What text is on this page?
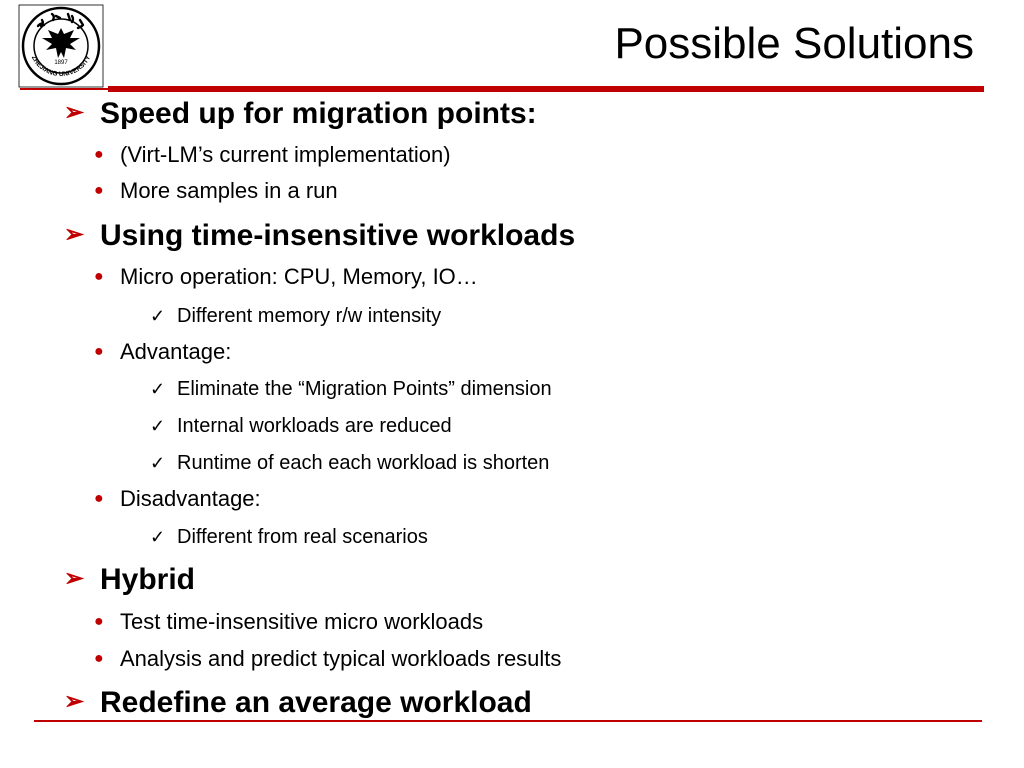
1897
ZHEJIANG UNIVERSITY	Possible Solutions
➢ Speed up for migration points:
● (Virt-LM’s current implementation)
● More samples in a run
➢ Using time-insensitive workloads
● Micro operation: CPU, Memory, IO…
✓ Different memory r/w intensity
● Advantage:
✓ Eliminate the “Migration Points” dimension
✓ Internal workloads are reduced
✓ Runtime of each each workload is shorten
● Disadvantage:
✓ Different from real scenarios
➢ Hybrid
● Test time-insensitive micro workloads
● Analysis and predict typical workloads results
➢ Redefine an average workload
